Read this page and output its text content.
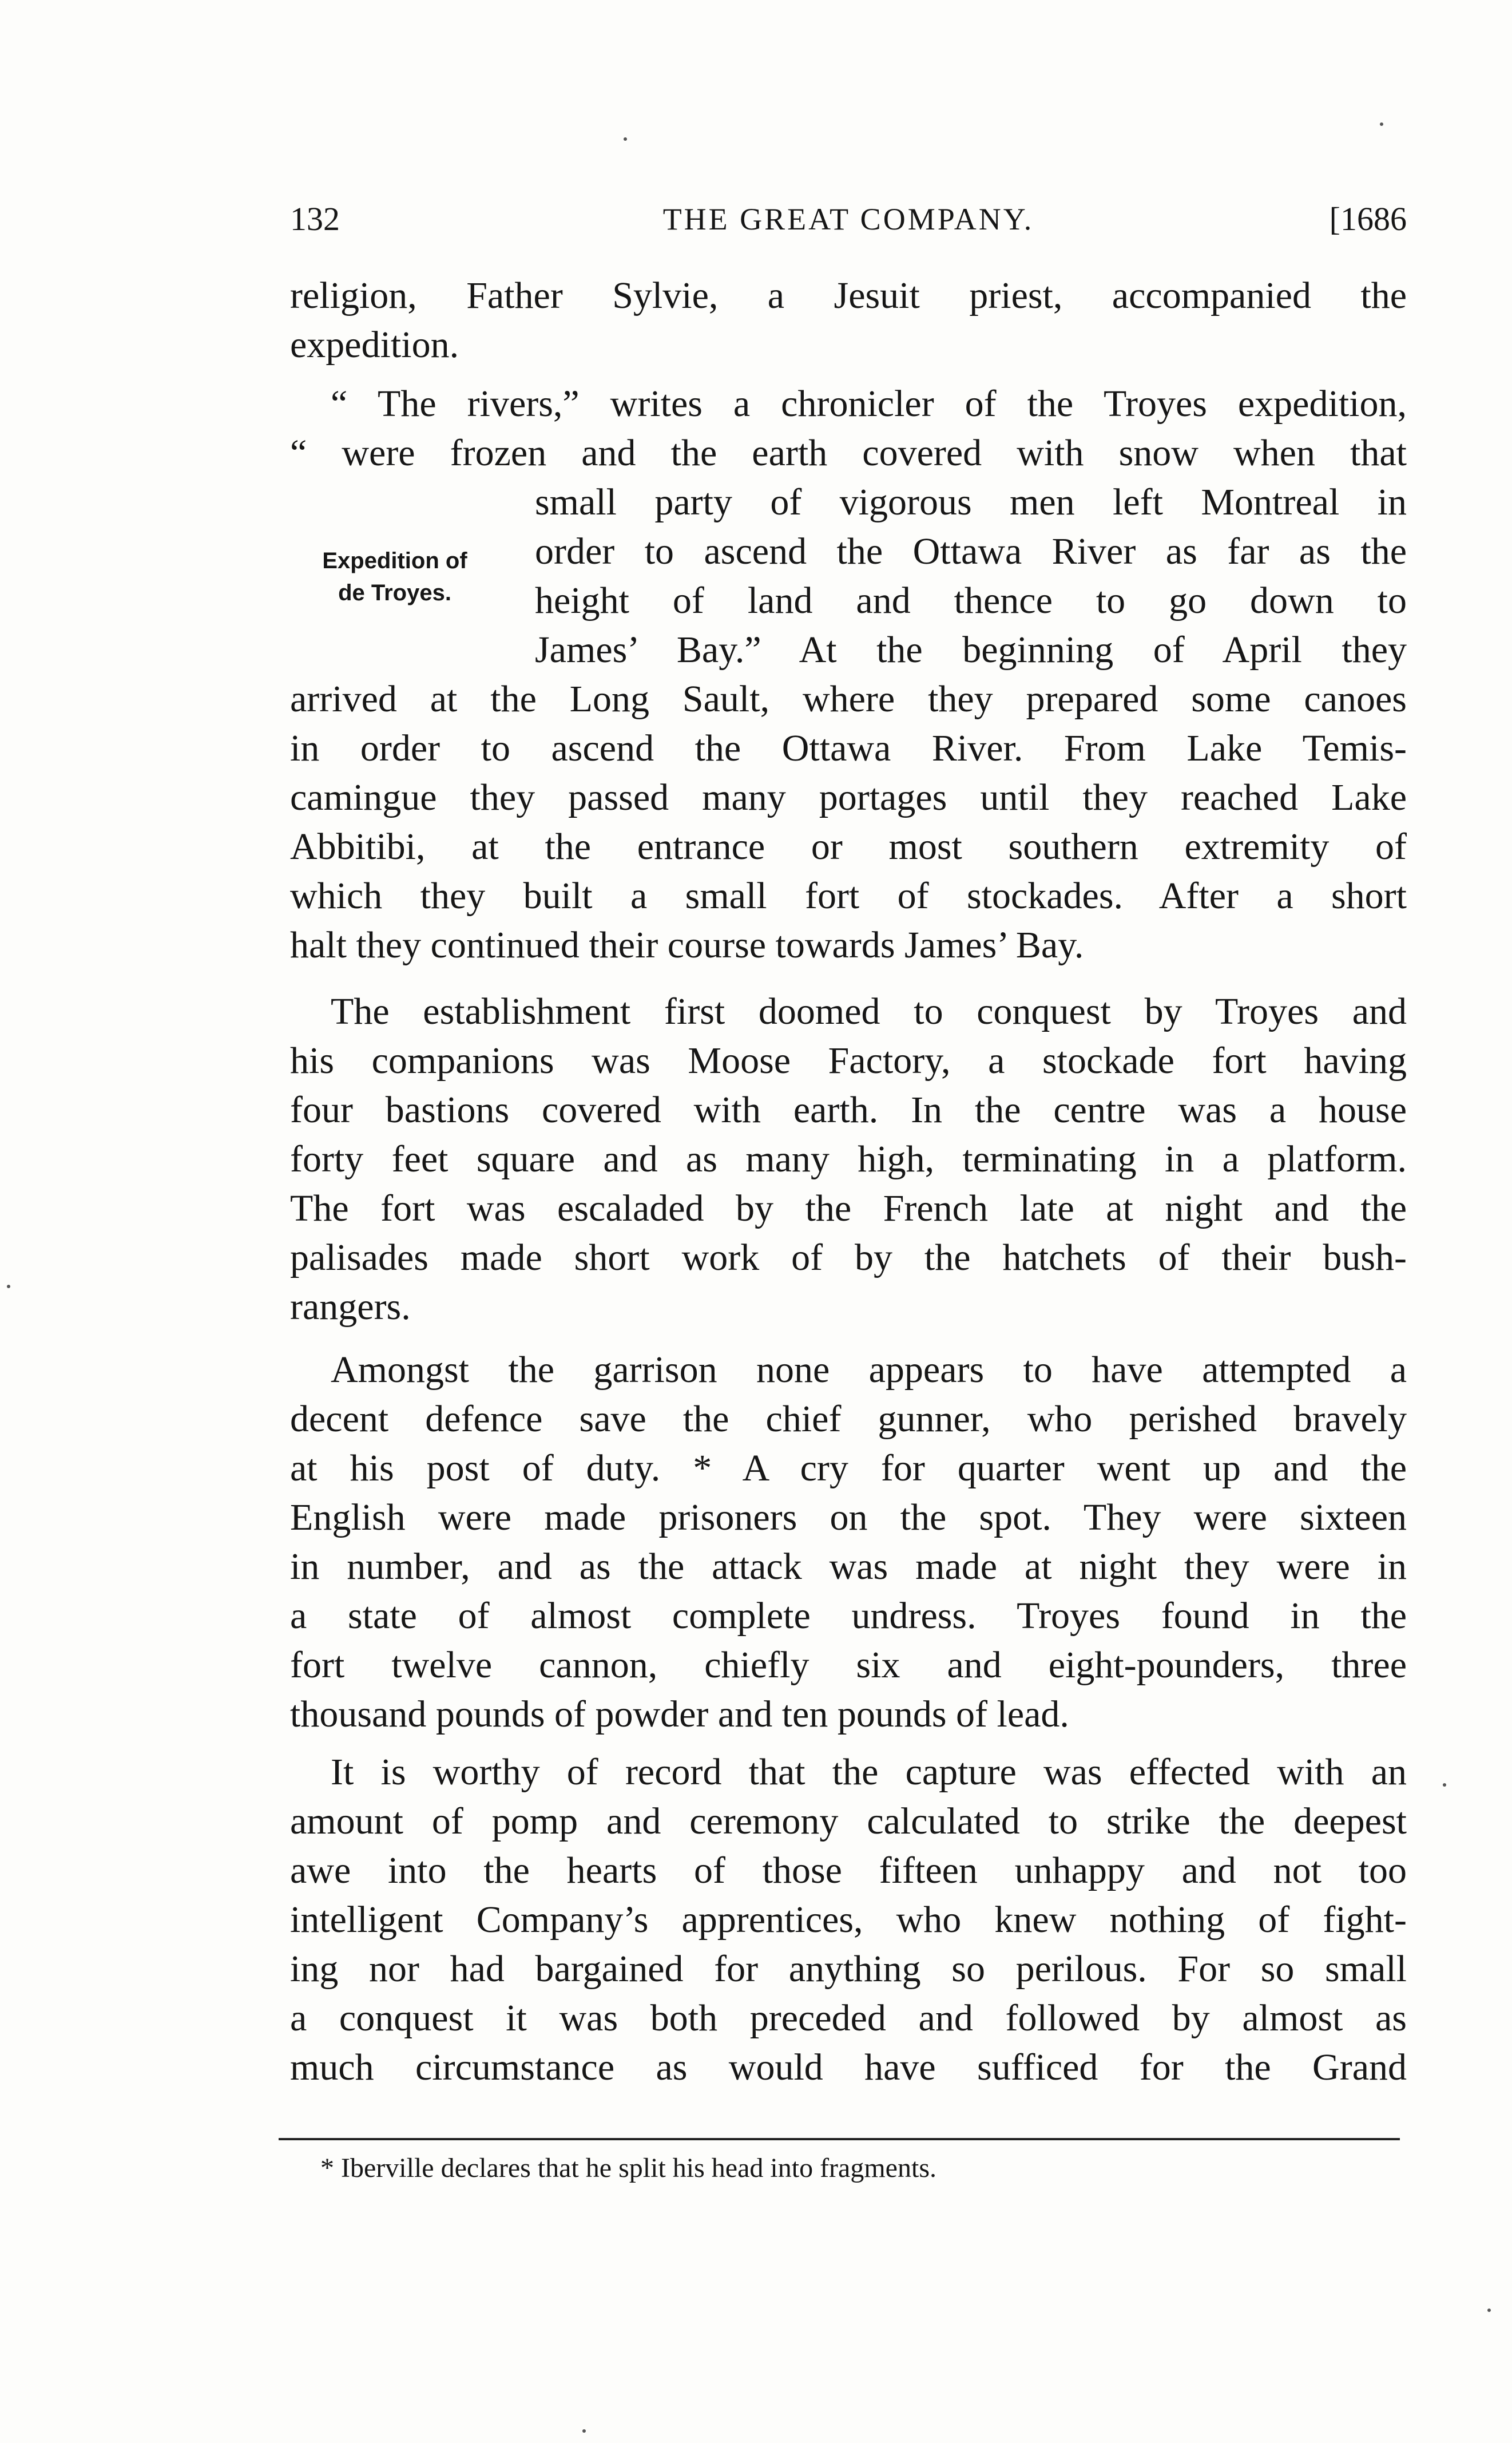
132	THE GREAT COMPANY.	[1686
Expedition of
de Troyes.
religion, Father Sylvie, a Jesuit priest, accompanied the
expedition.
“ The rivers,” writes a chronicler of the Troyes expedition,
“ were frozen and the earth covered with snow when that
small party of vigorous men left Montreal in
order to ascend the Ottawa River as far as the
height of land and thence to go down to
James’ Bay.” At the beginning of April they
arrived at the Long Sault, where they prepared some canoes
in order to ascend the Ottawa River. From Lake Temis-
camingue they passed many portages until they reached Lake
Abbitibi, at the entrance or most southern extremity of
which they built a small fort of stockades. After a short
halt they continued their course towards James’ Bay.
The establishment first doomed to conquest by Troyes and
his companions was Moose Factory, a stockade fort having
four bastions covered with earth. In the centre was a house
forty feet square and as many high, terminating in a platform.
The fort was escaladed by the French late at night and the
palisades made short work of by the hatchets of their bush-
rangers.
Amongst the garrison none appears to have attempted a
decent defence save the chief gunner, who perished bravely
at his post of duty. * A cry for quarter went up and the
English were made prisoners on the spot. They were sixteen
in number, and as the attack was made at night they were in
a state of almost complete undress. Troyes found in the
fort twelve cannon, chiefly six and eight-pounders, three
thousand pounds of powder and ten pounds of lead.
It is worthy of record that the capture was effected with an
amount of pomp and ceremony calculated to strike the deepest
awe into the hearts of those fifteen unhappy and not too
intelligent Company’s apprentices, who knew nothing of fight-
ing nor had bargained for anything so perilous. For so small
a conquest it was both preceded and followed by almost as
much circumstance as would have sufficed for the Grand
* Iberville declares that he split his head into fragments.
